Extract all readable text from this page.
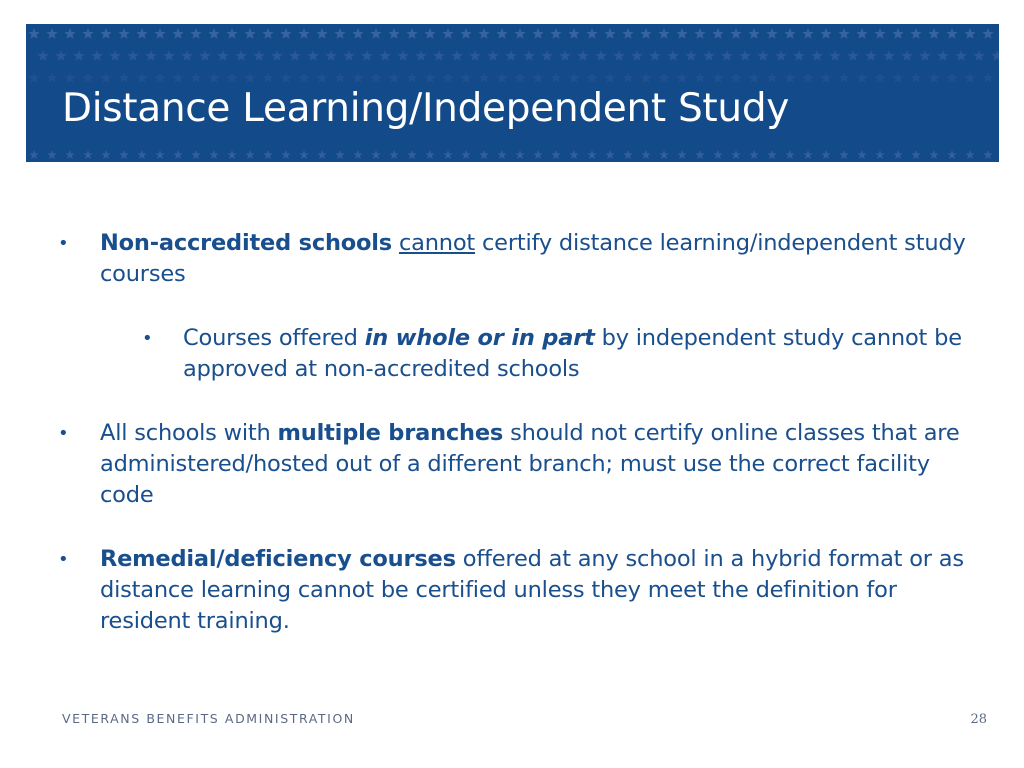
Distance Learning/Independent Study
• Non-accredited schools cannot certify distance learning/independent study courses
• Courses offered in whole or in part by independent study cannot be approved at non-accredited schools
• All schools with multiple branches should not certify online classes that are administered/hosted out of a different branch; must use the correct facility code
• Remedial/deficiency courses offered at any school in a hybrid format or as distance learning cannot be certified unless they meet the definition for resident training.
VETERANS BENEFITS ADMINISTRATION	28
